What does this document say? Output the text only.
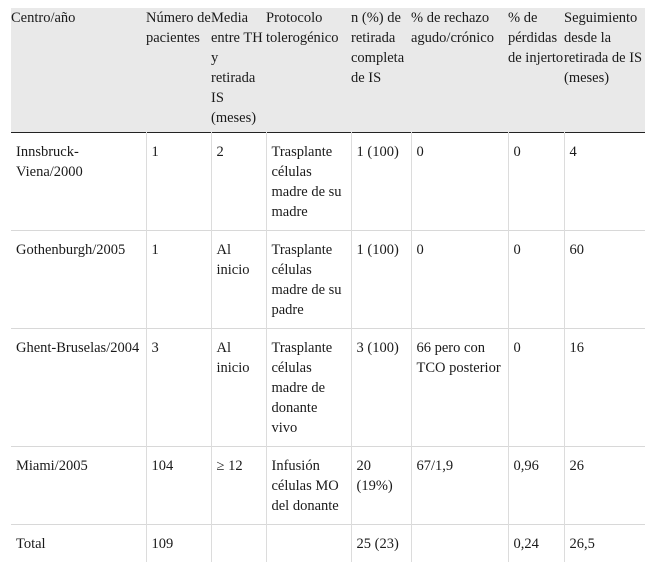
Centro/año	Número de pacientes	Media entre TH y retirada IS (meses)	Protocolo tolerogénico	n (%) de retirada completa de IS	% de rechazo agudo/crónico	% de pérdidas de injerto	Seguimiento desde la retirada de IS (meses)

Innsbruck-Viena/2000	1	2	Trasplante células madre de su madre	1 (100)	0	0	4
Gothenburgh/2005	1	Al inicio	Trasplante células madre de su padre	1 (100)	0	0	60
Ghent-Bruselas/2004	3	Al inicio	Trasplante células madre de donante vivo	3 (100)	66 pero con TCO posterior	0	16
Miami/2005	104	≥ 12	Infusión células MO del donante	20 (19%)	67/1,9	0,96	26
Total	109			25 (23)		0,24	26,5
